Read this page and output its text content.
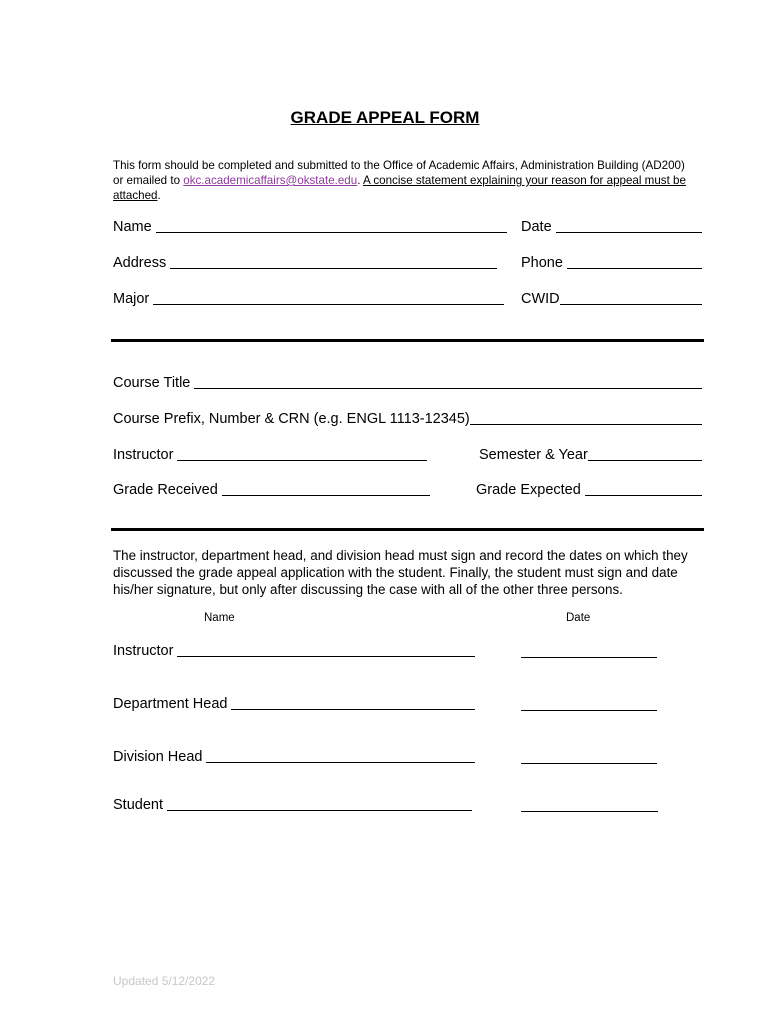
GRADE APPEAL FORM
This form should be completed and submitted to the Office of Academic Affairs, Administration Building (AD200) or emailed to okc.academicaffairs@okstate.edu. A concise statement explaining your reason for appeal must be attached.
Name	Date
Address	Phone
Major	CWID
Course Title
Course Prefix, Number & CRN (e.g. ENGL 1113-12345)
Instructor	Semester & Year
Grade Received	Grade Expected
The instructor, department head, and division head must sign and record the dates on which they discussed the grade appeal application with the student. Finally, the student must sign and date his/her signature, but only after discussing the case with all of the other three persons.
Name	Date
Instructor
Department Head
Division Head
Student
Updated 5/12/2022
